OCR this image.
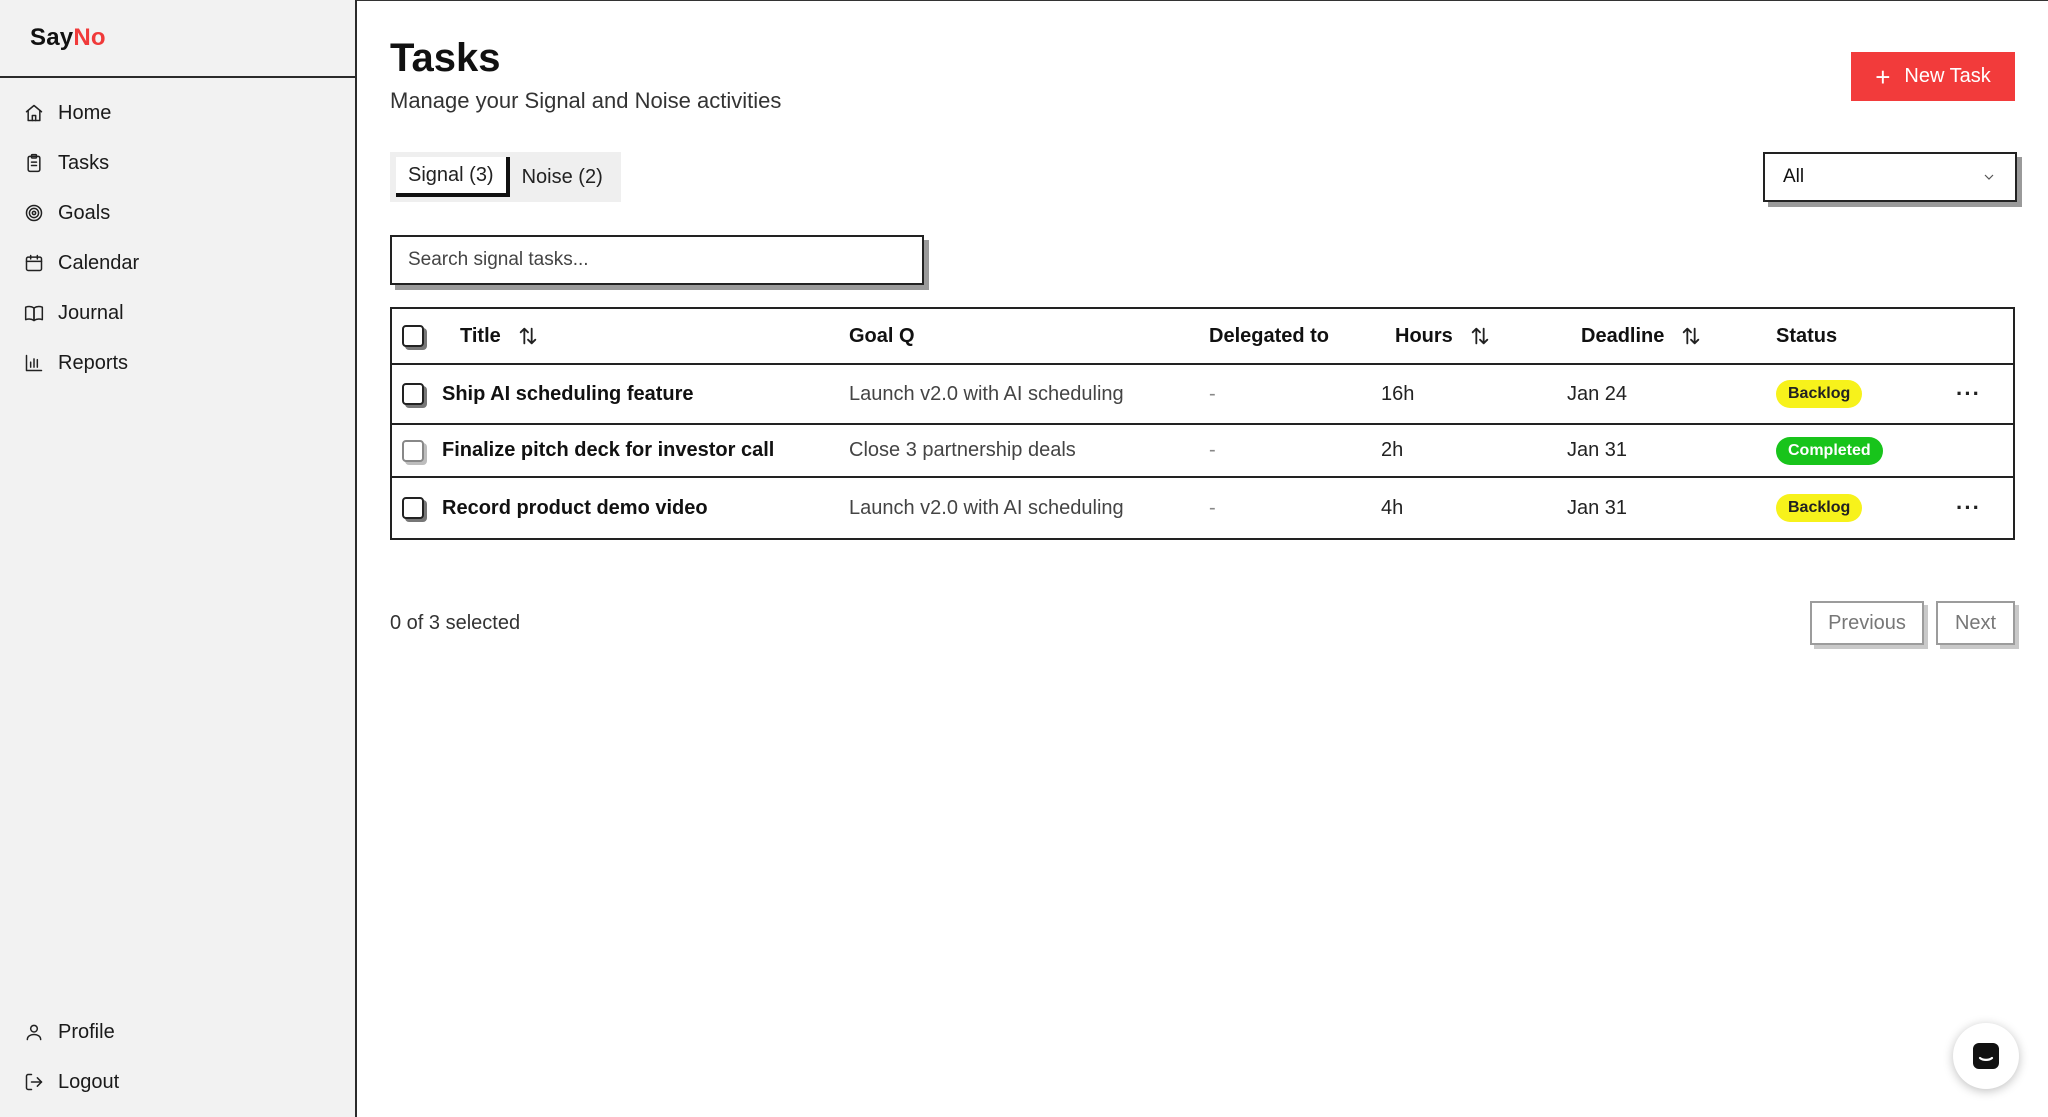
SayNo
Home
Tasks
Goals
Calendar
Journal
Reports
Profile
Logout
Tasks

Manage your Signal and Noise activities

+ New Task
Signal (3)	Noise (2)	All
Search signal tasks...
Title	Goal Q	Delegated to	Hours	Deadline	Status
Ship AI scheduling feature	Launch v2.0 with AI scheduling	-	16h	Jan 24	Backlog	···
Finalize pitch deck for investor call	Close 3 partnership deals	-	2h	Jan 31	Completed
Record product demo video	Launch v2.0 with AI scheduling	-	4h	Jan 31	Backlog	···
0 of 3 selected	Previous	Next
